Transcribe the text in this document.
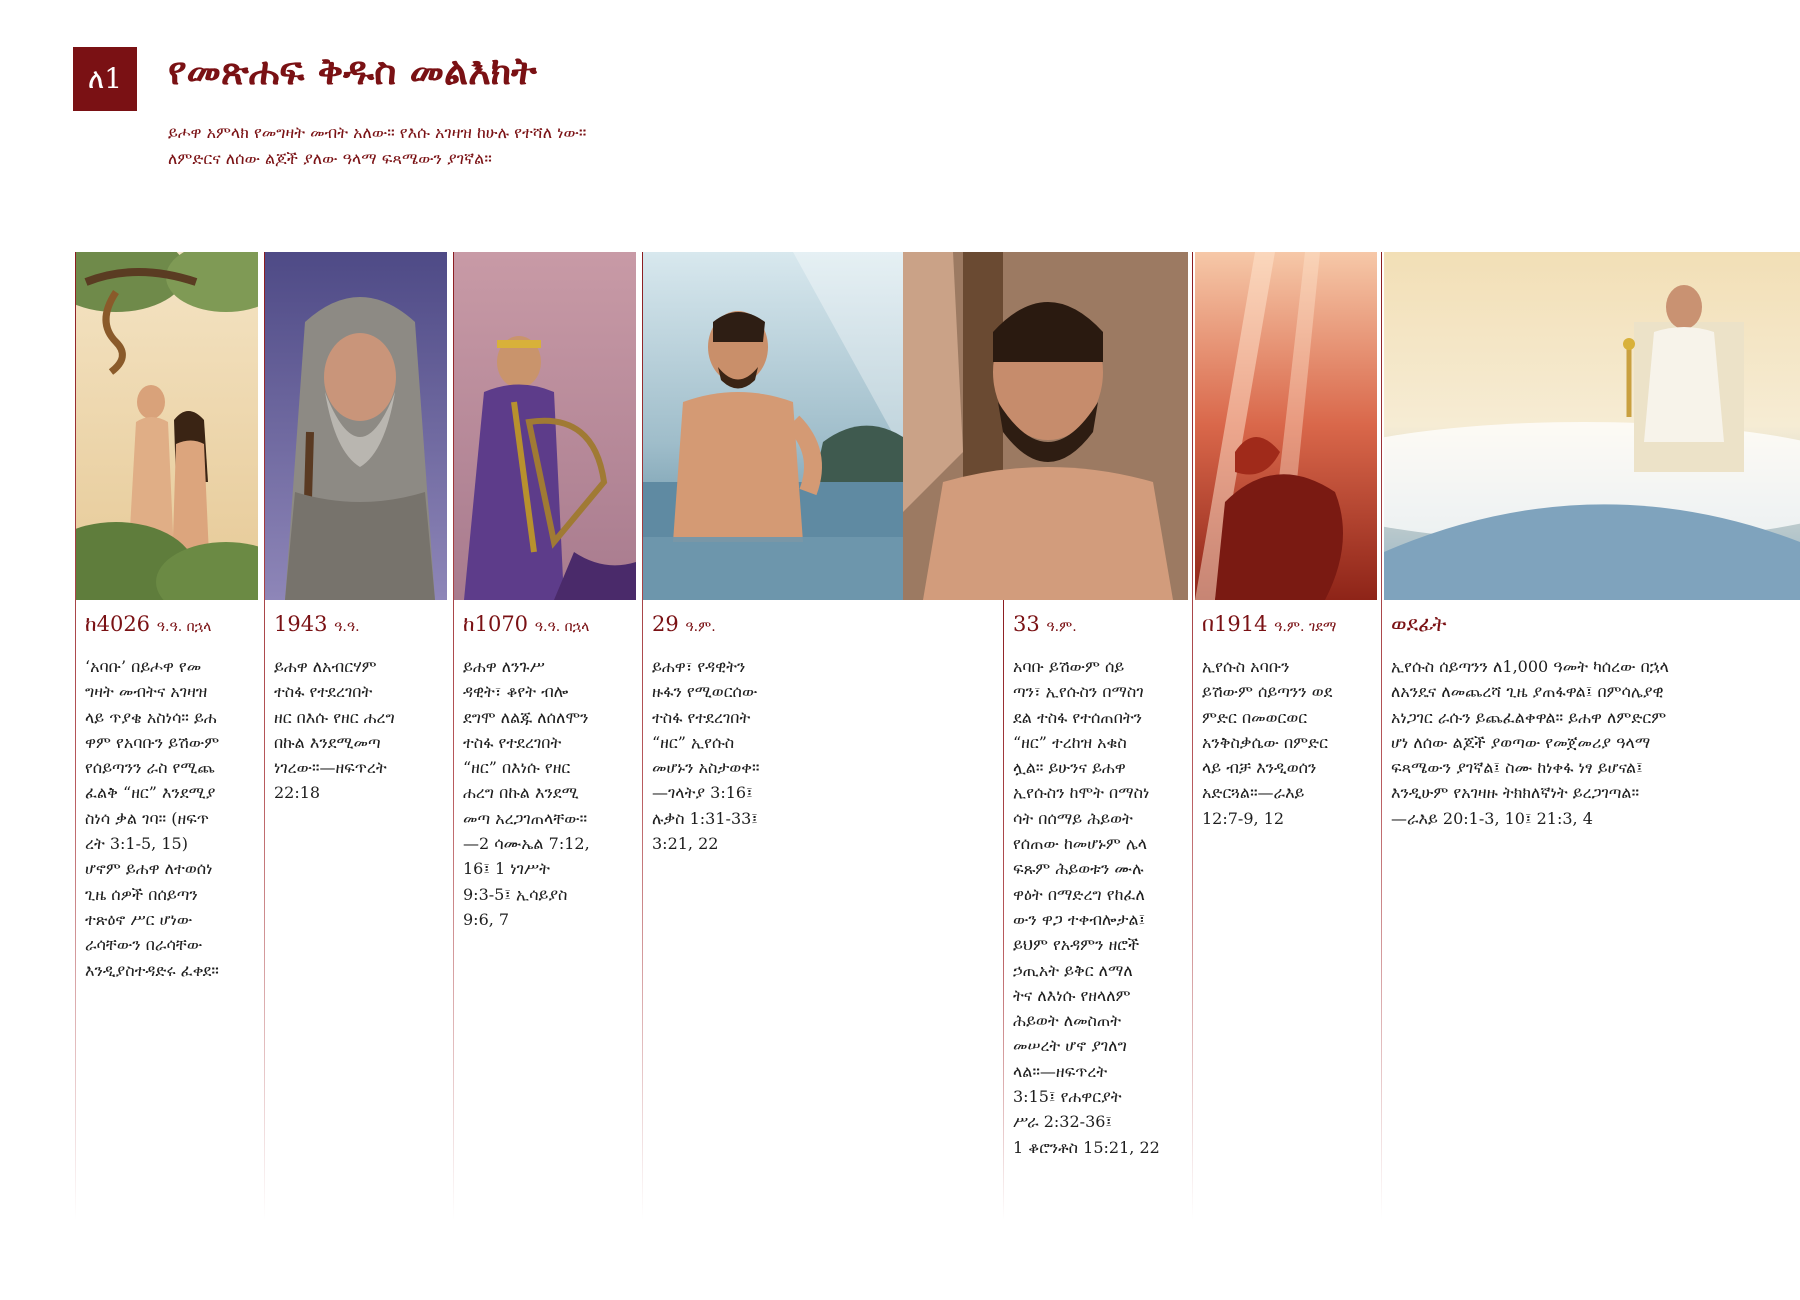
ለ1 የመጽሐፍ ቅዱስ መልእክት
ይሖዋ አምላክ የመግዛት መብት አለው። የእሱ አገዛዝ ከሁሉ የተሻለ ነው።
ለምድርና ለሰው ልጆች ያለው ዓላማ ፍጻሜውን ያገኛል።
ከ4026 ዓ.ዓ. በኋላ
‘አባቡ’ በይሖዋ የመ
ግዛት መብትና አገዛዝ
ላይ ጥያቄ አስነሳ። ይሐ
ዋም የአባቡን ይሽውም
የሰይጣንን ራስ የሚጨ
ፈልቅ “ዘር” እንደሚያ
ስነሳ ቃል ገባ። (ዘፍጥ
ረት 3:1-5, 15)
ሆኖም ይሐዋ ለተወሰነ
ጊዜ ሰዎች በሰይጣን
ተጽዕኖ ሥር ሆነው
ራሳቸውን በራሳቸው
እንዲያስተዳድሩ ፈቀደ።
1943 ዓ.ዓ.
ይሐዋ ለአብርሃም
ተስፋ የተደረገበት
ዘር በእሱ የዘር ሐረግ
በኩል እንደሚመጣ
ነገረው።—ዘፍጥረት
22:18
ከ1070 ዓ.ዓ. በኋላ
ይሐዋ ለንጉሥ
ዳዊት፣ ቆየት ብሎ
ደግሞ ለልጁ ለሰለሞን
ተስፋ የተደረገበት
“ዘር” በእነሱ የዘር
ሐረግ በኩል እንደሚ
መጣ አረጋገጠላቸው።
—2 ሳሙኤል 7:12,
16፤ 1 ነገሥት
9:3-5፤ ኢሳይያስ
9:6, 7
29 ዓ.ም.
ይሐዋ፣ የዳዊትን
ዙፋን የሚወርሰው
ተስፋ የተደረገበት
“ዘር” ኢየሱስ
መሆኑን አስታወቀ።
—ገላትያ 3:16፤
ሉቃስ 1:31-33፤
3:21, 22
33 ዓ.ም.
አባቡ ይሽውም ሰይ
ጣን፣ ኢየሱስን በማስገ
ደል ተስፋ የተሰጠበትን
“ዘር” ተረከዝ አቁስ
ሏል። ይሁንና ይሐዋ
ኢየሱስን ከሞት በማስነ
ሳት በሰማይ ሕይወት
የሰጠው ከመሆኑም ሌላ
ፍጹም ሕይወቱን ሙሉ
ዋዕት በማድረግ የከፈለ
ውን ዋጋ ተቀብሎታል፤
ይህም የአዳምን ዘሮች
ኃጢአት ይቅር ለማለ
ትና ለእነሱ የዘላለም
ሕይወት ለመስጠት
መሠረት ሆኖ ያገለግ
ላል።—ዘፍጥረት
3:15፤ የሐዋርያት
ሥራ 2:32-36፤
1 ቆሮንቶስ 15:21, 22
በ1914 ዓ.ም. ገደማ
ኢየሱስ አባቡን
ይሽውም ሰይጣንን ወደ
ምድር በመወርወር
አንቅስቃሴው በምድር
ላይ ብቻ እንዲወሰን
አድርጓል።—ራእይ
12:7-9, 12
ወደፊት
ኢየሱስ ሰይጣንን ለ1,000 ዓመት ካሰረው በኋላ
ለአንዴና ለመጨረሻ ጊዜ ያጠፋዋል፤ በምሳሌያዊ
አነጋገር ራሱን ይጨፈልቀዋል። ይሐዋ ለምድርም
ሆነ ለሰው ልጆች ያወጣው የመጀመሪያ ዓላማ
ፍጻሜውን ያገኛል፤ ስሙ ከነቀፋ ነፃ ይሆናል፤
እንዲሁም የአገዛዙ ትክክለኛነት ይረጋገጣል።
—ራእይ 20:1-3, 10፤ 21:3, 4
